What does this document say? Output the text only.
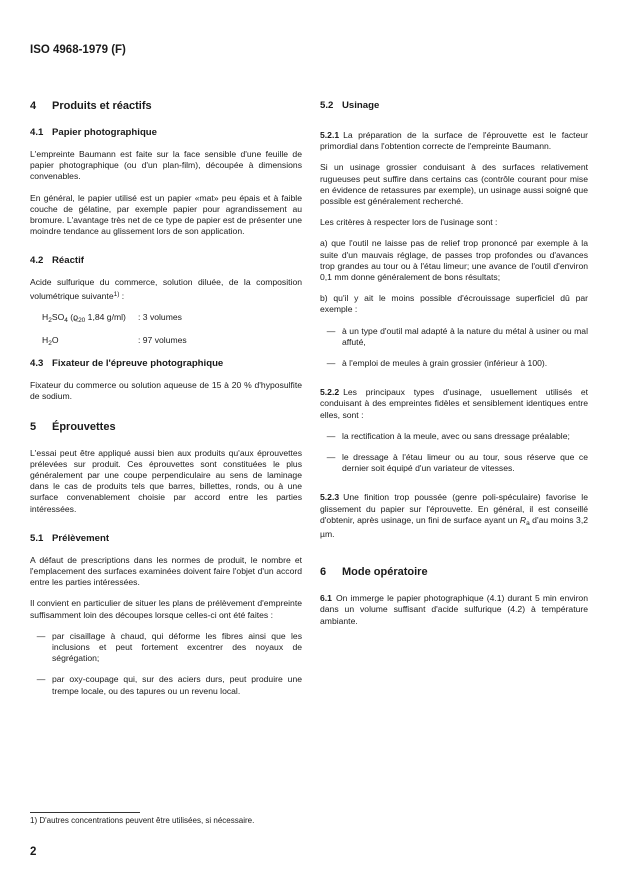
ISO 4968-1979 (F)
4 Produits et réactifs
4.1 Papier photographique

L'empreinte Baumann est faite sur la face sensible d'une feuille de papier photographique (ou d'un plan-film), découpée à dimensions convenables.

En général, le papier utilisé est un papier «mat» peu épais et à faible couche de gélatine, par exemple papier pour agrandissement au bromure. L'avantage très net de ce type de papier est de présenter une moindre tendance au glissement lors de son application.

4.2 Réactif

Acide sulfurique du commerce, solution diluée, de la composition volumétrique suivante$^{1)}$ :

$H_2SO_4$ ($ϱ_{20}$ 1,84 g/ml)	: 3 volumes
$H_2O$	: 97 volumes
4.3 Fixateur de l'épreuve photographique

Fixateur du commerce ou solution aqueuse de 15 à 20 % d'hyposulfite de sodium.

5 Éprouvettes

L'essai peut être appliqué aussi bien aux produits qu'aux éprouvettes prélevées sur produit. Ces éprouvettes sont constituées le plus généralement par une coupe perpendiculaire au sens de laminage dans le cas de produits tels que barres, billettes, ronds, ou à une surface convenablement choisie par accord entre les parties intéressées.

5.1 Prélèvement

A défaut de prescriptions dans les normes de produit, le nombre et l'emplacement des surfaces examinées doivent faire l'objet d'un accord entre les parties intéressées.

Il convient en particulier de situer les plans de prélèvement d'empreinte suffisamment loin des découpes lorsque celles-ci ont été faites :

— par cisaillage à chaud, qui déforme les fibres ainsi que les inclusions et peut fortement excentrer des noyaux de ségrégation;
— par oxy-coupage qui, sur des aciers durs, peut produire une trempe locale, ou des tapures ou un revenu local.
5.2 Usinage

5.2.1 La préparation de la surface de l'éprouvette est le facteur primordial dans l'obtention correcte de l'empreinte Baumann.

Si un usinage grossier conduisant à des surfaces relativement rugueuses peut suffire dans certains cas (contrôle courant pour mise en évidence de retassures par exemple), un usinage aussi soigné que possible est généralement recherché.

Les critères à respecter lors de l'usinage sont :

a) que l'outil ne laisse pas de relief trop prononcé par exemple à la suite d'un mauvais réglage, de passes trop profondes ou d'avances trop grandes au tour ou à l'étau limeur; une avance de l'outil d'environ 0,1 mm donne généralement de bons résultats;

b) qu'il y ait le moins possible d'écrouissage superficiel dû par exemple :

— à un type d'outil mal adapté à la nature du métal à usiner ou mal affuté,
— à l'emploi de meules à grain grossier (inférieur à 100).

5.2.2 Les principaux types d'usinage, usuellement utilisés et conduisant à des empreintes fidèles et sensiblement identiques entre elles, sont :

— la rectification à la meule, avec ou sans dressage préalable;
— le dressage à l'étau limeur ou au tour, sous réserve que ce dernier soit équipé d'un variateur de vitesses.

5.2.3 Une finition trop poussée (genre poli-spéculaire) favorise le glissement du papier sur l'éprouvette. En général, il est conseillé d'obtenir, après usinage, un fini de surface ayant un $R_a$ d'au moins 3,2 µm.

6 Mode opératoire

6.1 On immerge le papier photographique (4.1) durant 5 min environ dans un volume suffisant d'acide sulfurique (4.2) à température ambiante.

1) D'autres concentrations peuvent être utilisées, si nécessaire.
2
